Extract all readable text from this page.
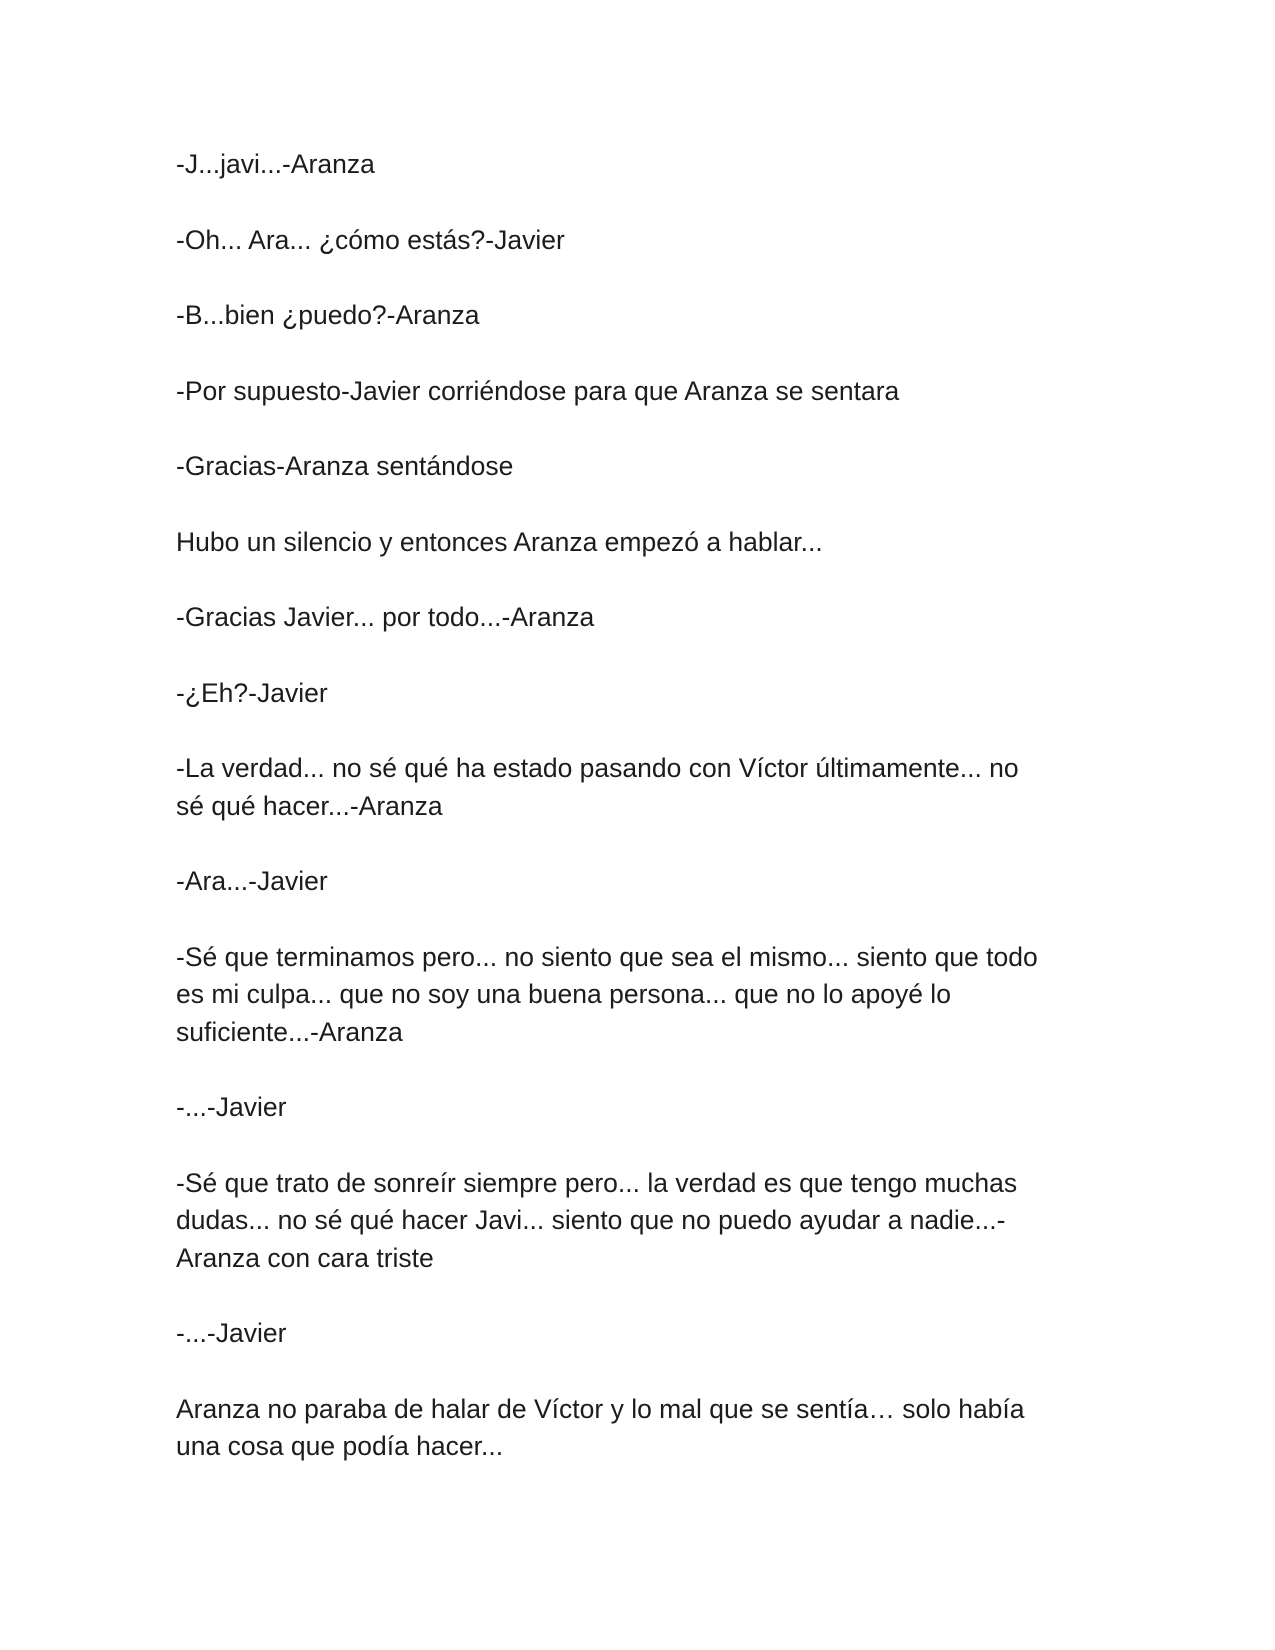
-J...javi...-Aranza

-Oh... Ara... ¿cómo estás?-Javier

-B...bien ¿puedo?-Aranza

-Por supuesto-Javier corriéndose para que Aranza se sentara

-Gracias-Aranza sentándose

Hubo un silencio y entonces Aranza empezó a hablar...

-Gracias Javier... por todo...-Aranza

-¿Eh?-Javier

-La verdad... no sé qué ha estado pasando con Víctor últimamente... no
sé qué hacer...-Aranza

-Ara...-Javier

-Sé que terminamos pero... no siento que sea el mismo... siento que todo
es mi culpa... que no soy una buena persona... que no lo apoyé lo
suficiente...-Aranza

-...-Javier

-Sé que trato de sonreír siempre pero... la verdad es que tengo muchas
dudas... no sé qué hacer Javi... siento que no puedo ayudar a nadie...-
Aranza con cara triste

-...-Javier

Aranza no paraba de halar de Víctor y lo mal que se sentía… solo había
una cosa que podía hacer...
